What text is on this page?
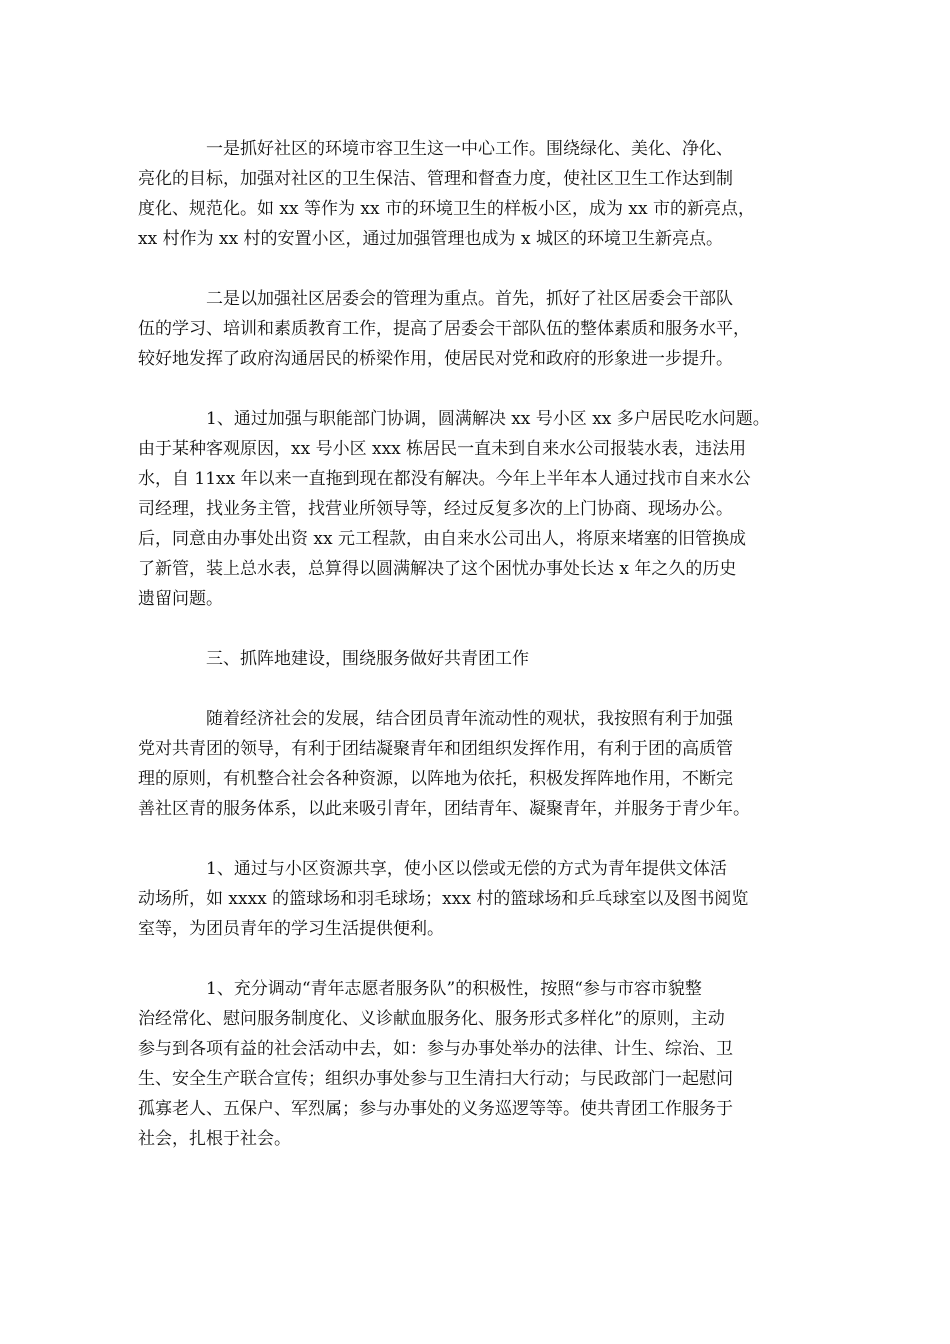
一是抓好社区的环境市容卫生这一中心工作。围绕绿化、美化、净化、
亮化的目标，加强对社区的卫生保洁、管理和督查力度，使社区卫生工作达到制
度化、规范化。如 xx 等作为 xx 市的环境卫生的样板小区，成为 xx 市的新亮点，
xx 村作为 xx 村的安置小区，通过加强管理也成为 x 城区的环境卫生新亮点。

二是以加强社区居委会的管理为重点。首先，抓好了社区居委会干部队
伍的学习、培训和素质教育工作，提高了居委会干部队伍的整体素质和服务水平，
较好地发挥了政府沟通居民的桥梁作用，使居民对党和政府的形象进一步提升。

1、通过加强与职能部门协调，圆满解决 xx 号小区 xx 多户居民吃水问题。
由于某种客观原因，xx 号小区 xxx 栋居民一直未到自来水公司报装水表，违法用
水，自 11xx 年以来一直拖到现在都没有解决。今年上半年本人通过找市自来水公
司经理，找业务主管，找营业所领导等，经过反复多次的上门协商、现场办公。
后，同意由办事处出资 xx 元工程款，由自来水公司出人，将原来堵塞的旧管换成
了新管，装上总水表，总算得以圆满解决了这个困忧办事处长达 x 年之久的历史
遗留问题。

三、抓阵地建设，围绕服务做好共青团工作

随着经济社会的发展，结合团员青年流动性的观状，我按照有利于加强
党对共青团的领导，有利于团结凝聚青年和团组织发挥作用，有利于团的高质管
理的原则，有机整合社会各种资源，以阵地为依托，积极发挥阵地作用，不断完
善社区青的服务体系，以此来吸引青年，团结青年、凝聚青年，并服务于青少年。

1、通过与小区资源共享，使小区以偿或无偿的方式为青年提供文体活
动场所，如 xxxx 的篮球场和羽毛球场；xxx 村的篮球场和乒乓球室以及图书阅览
室等，为团员青年的学习生活提供便利。

1、充分调动“青年志愿者服务队”的积极性，按照“参与市容市貌整
治经常化、慰问服务制度化、义诊献血服务化、服务形式多样化”的原则，主动
参与到各项有益的社会活动中去，如：参与办事处举办的法律、计生、综治、卫
生、安全生产联合宣传；组织办事处参与卫生清扫大行动；与民政部门一起慰问
孤寡老人、五保户、军烈属；参与办事处的义务巡逻等等。使共青团工作服务于
社会，扎根于社会。
